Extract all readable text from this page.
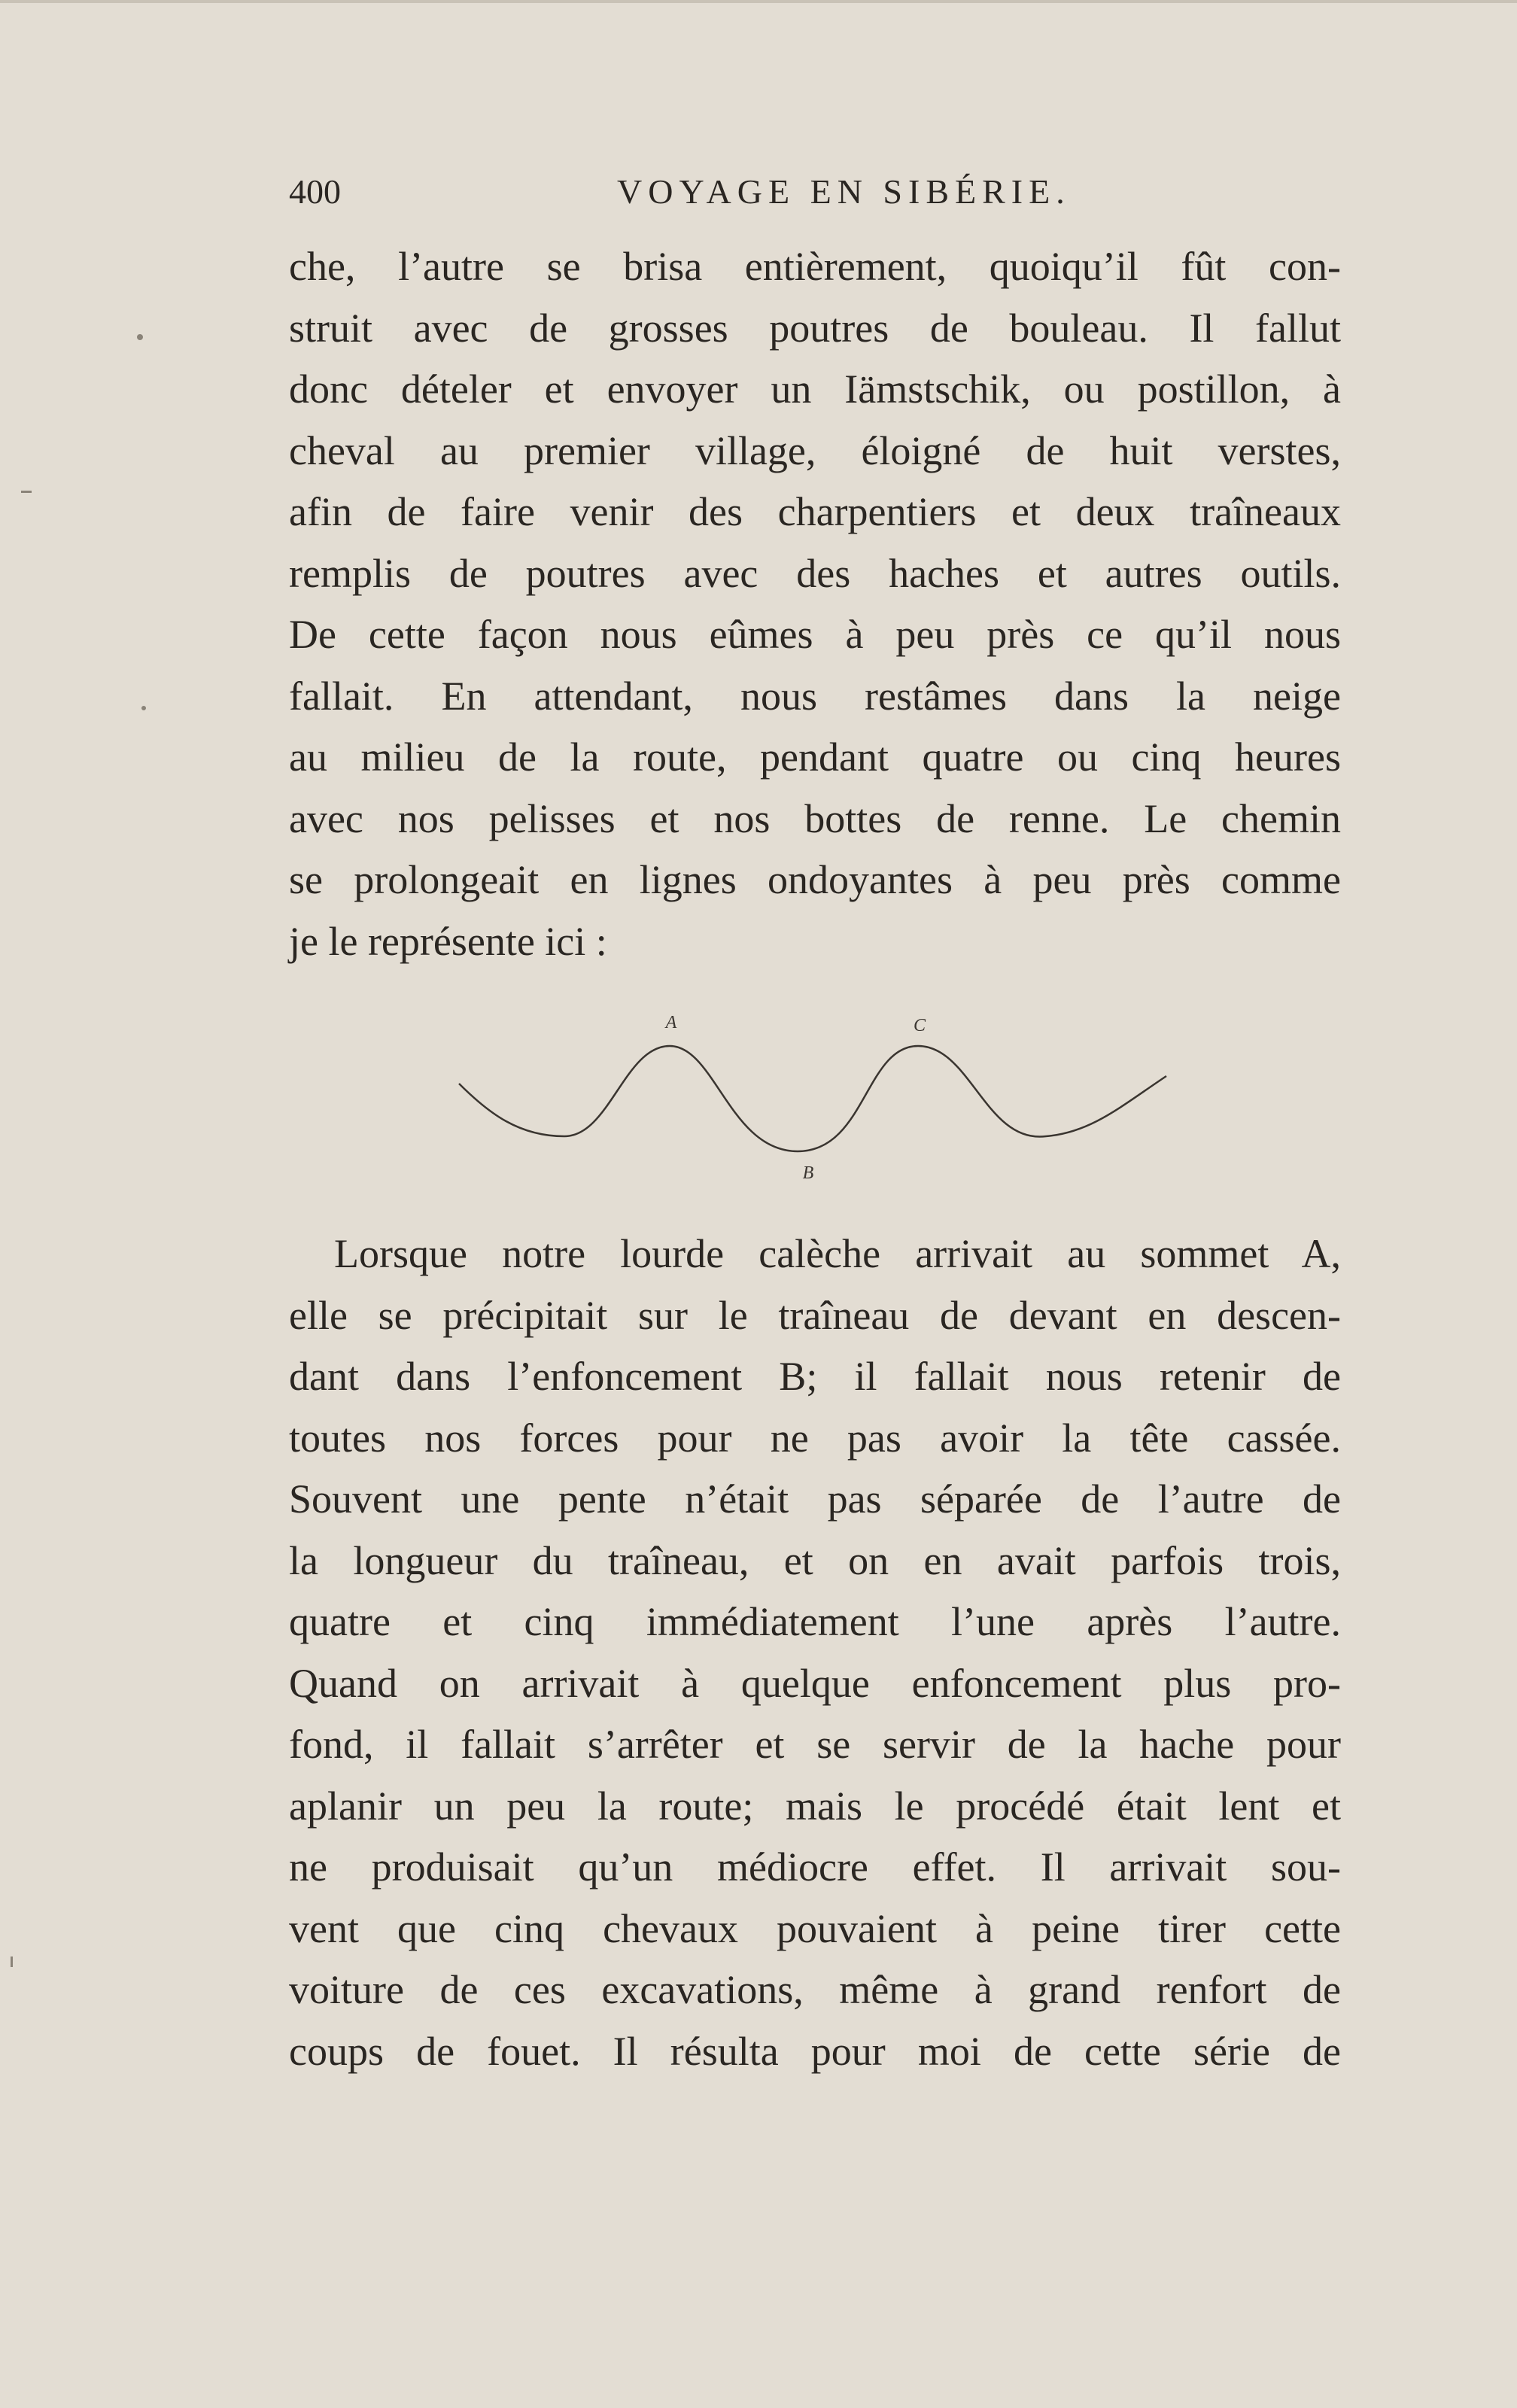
400	VOYAGE EN SIBÉRIE.
che, l’autre se brisa entièrement, quoiqu’il fût con-
struit avec de grosses poutres de bouleau. Il fallut
donc dételer et envoyer un Iämstschik, ou postillon, à
cheval au premier village, éloigné de huit verstes,
afin de faire venir des charpentiers et deux traîneaux
remplis de poutres avec des haches et autres outils.
De cette façon nous eûmes à peu près ce qu’il nous
fallait. En attendant, nous restâmes dans la neige
au milieu de la route, pendant quatre ou cinq heures
avec nos pelisses et nos bottes de renne. Le chemin
se prolongeait en lignes ondoyantes à peu près comme
je le représente ici :
A	C
B
Lorsque notre lourde calèche arrivait au sommet A,
elle se précipitait sur le traîneau de devant en descen-
dant dans l’enfoncement B; il fallait nous retenir de
toutes nos forces pour ne pas avoir la tête cassée.
Souvent une pente n’était pas séparée de l’autre de
la longueur du traîneau, et on en avait parfois trois,
quatre et cinq immédiatement l’une après l’autre.
Quand on arrivait à quelque enfoncement plus pro-
fond, il fallait s’arrêter et se servir de la hache pour
aplanir un peu la route; mais le procédé était lent et
ne produisait qu’un médiocre effet. Il arrivait sou-
vent que cinq chevaux pouvaient à peine tirer cette
voiture de ces excavations, même à grand renfort de
coups de fouet. Il résulta pour moi de cette série de
